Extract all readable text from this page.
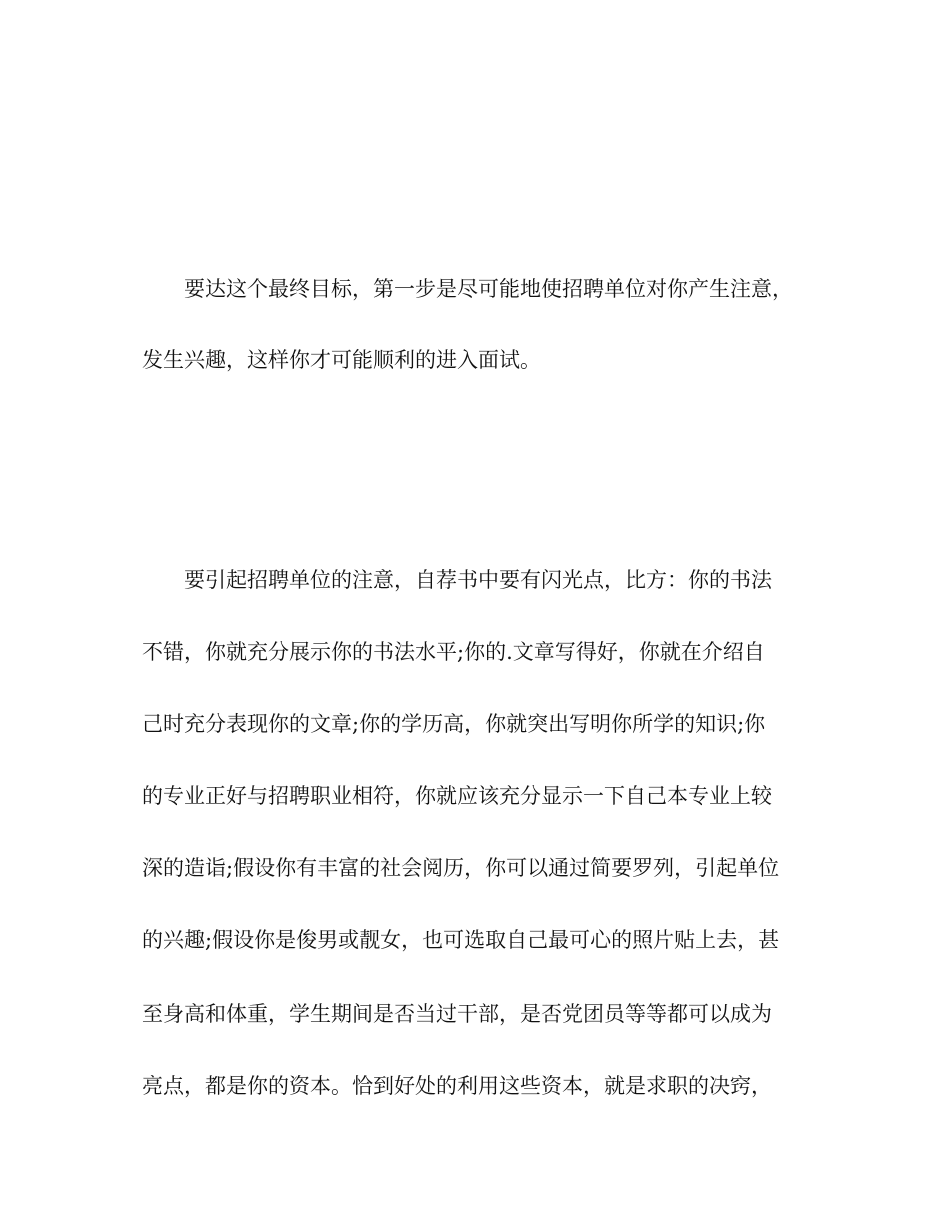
　　要达这个最终目标，第一步是尽可能地使招聘单位对你产生注意，

发生兴趣，这样你才可能顺利的进入面试。

　　要引起招聘单位的注意，自荐书中要有闪光点，比方：你的书法

不错，你就充分展示你的书法水平;你的.文章写得好，你就在介绍自

己时充分表现你的文章;你的学历高，你就突出写明你所学的知识;你

的专业正好与招聘职业相符，你就应该充分显示一下自己本专业上较

深的造诣;假设你有丰富的社会阅历，你可以通过简要罗列，引起单位

的兴趣;假设你是俊男或靓女，也可选取自己最可心的照片贴上去，甚

至身高和体重，学生期间是否当过干部，是否党团员等等都可以成为

亮点，都是你的资本。恰到好处的利用这些资本，就是求职的决窍，
